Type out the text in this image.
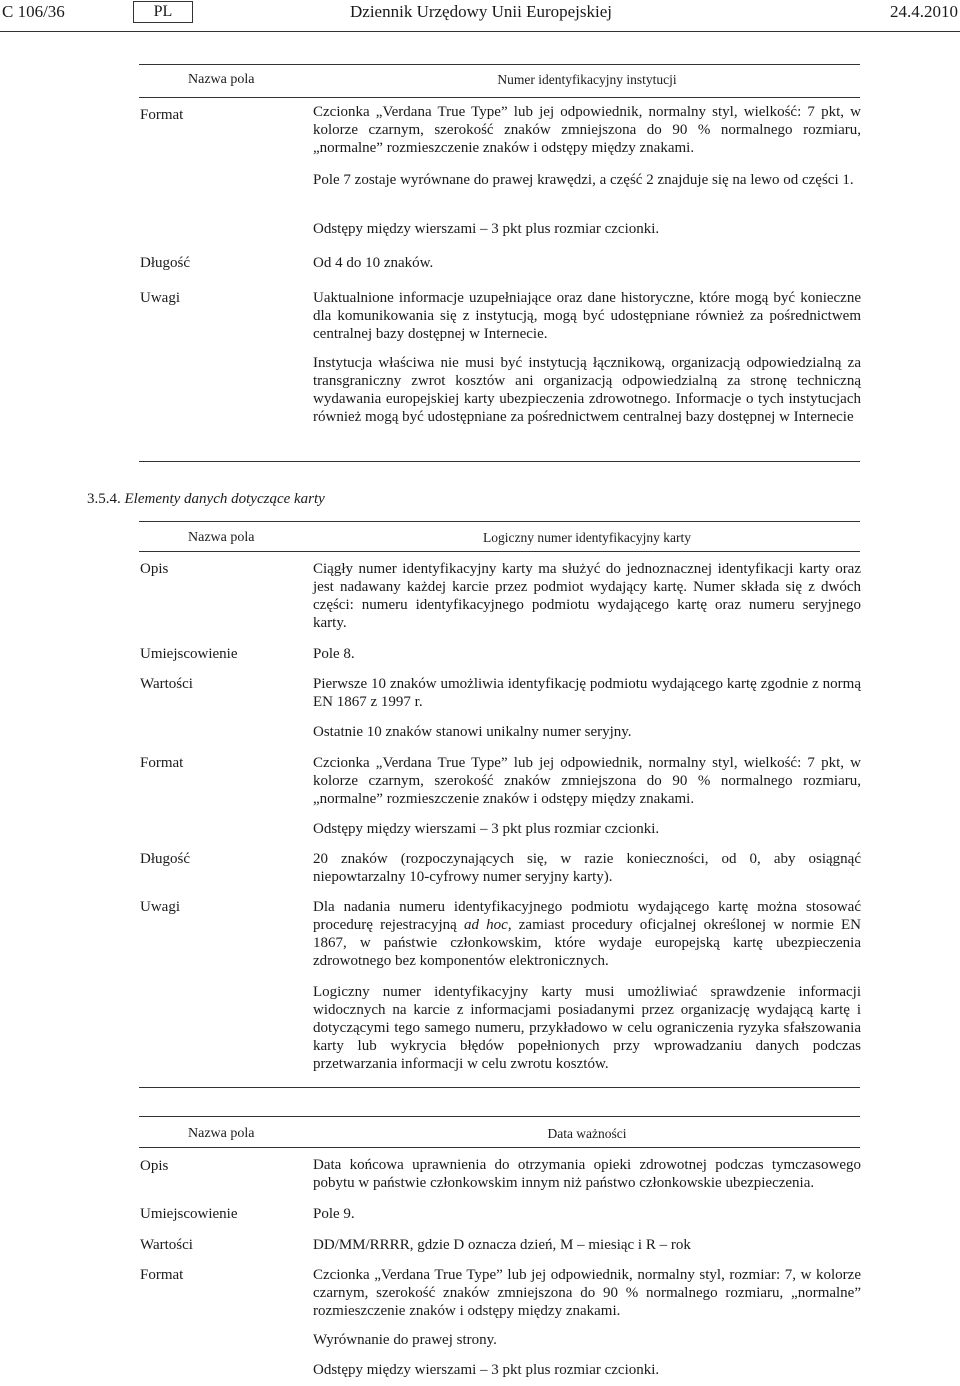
C 106/36	PL	Dziennik Urzędowy Unii Europejskiej	24.4.2010
Nazwa pola	Numer identyfikacyjny instytucji
Format	Czcionka „Verdana True Type” lub jej odpowiednik, normalny styl, wielkość: 7 pkt, w kolorze czarnym, szerokość znaków zmniejszona do 90 % normalnego rozmiaru, „normalne” rozmieszczenie znaków i odstępy między znakami.
Pole 7 zostaje wyrównane do prawej krawędzi, a część 2 znajduje się na lewo od części 1.
Odstępy między wierszami – 3 pkt plus rozmiar czcionki.
Długość	Od 4 do 10 znaków.
Uwagi	Uaktualnione informacje uzupełniające oraz dane historyczne, które mogą być konieczne dla komunikowania się z instytucją, mogą być udostępniane również za pośrednictwem centralnej bazy dostępnej w Internecie.
Instytucja właściwa nie musi być instytucją łącznikową, organizacją odpowiedzialną za transgraniczny zwrot kosztów ani organizacją odpowiedzialną za stronę techniczną wydawania europejskiej karty ubezpieczenia zdrowotnego. Informacje o tych instytucjach również mogą być udostępniane za pośrednictwem centralnej bazy dostępnej w Internecie
3.5.4. Elementy danych dotyczące karty
Nazwa pola	Logiczny numer identyfikacyjny karty
Opis	Ciągły numer identyfikacyjny karty ma służyć do jednoznacznej identyfikacji karty oraz jest nadawany każdej karcie przez podmiot wydający kartę. Numer składa się z dwóch części: numeru identyfikacyjnego podmiotu wydającego kartę oraz numeru seryjnego karty.
Umiejscowienie	Pole 8.
Wartości	Pierwsze 10 znaków umożliwia identyfikację podmiotu wydającego kartę zgodnie z normą EN 1867 z 1997 r.
Ostatnie 10 znaków stanowi unikalny numer seryjny.
Format	Czcionka „Verdana True Type” lub jej odpowiednik, normalny styl, wielkość: 7 pkt, w kolorze czarnym, szerokość znaków zmniejszona do 90 % normalnego rozmiaru, „normalne” rozmieszczenie znaków i odstępy między znakami.
Odstępy między wierszami – 3 pkt plus rozmiar czcionki.
Długość	20 znaków (rozpoczynających się, w razie konieczności, od 0, aby osiągnąć niepowtarzalny 10-cyfrowy numer seryjny karty).
Uwagi	Dla nadania numeru identyfikacyjnego podmiotu wydającego kartę można stosować procedurę rejestracyjną ad hoc, zamiast procedury oficjalnej określonej w normie EN 1867, w państwie członkowskim, które wydaje europejską kartę ubezpieczenia zdrowotnego bez komponentów elektronicznych.
Logiczny numer identyfikacyjny karty musi umożliwiać sprawdzenie informacji widocznych na karcie z informacjami posiadanymi przez organizację wydającą kartę i dotyczącymi tego samego numeru, przykładowo w celu ograniczenia ryzyka sfałszowania karty lub wykrycia błędów popełnionych przy wprowadzaniu danych podczas przetwarzania informacji w celu zwrotu kosztów.
Nazwa pola	Data ważności
Opis	Data końcowa uprawnienia do otrzymania opieki zdrowotnej podczas tymczasowego pobytu w państwie członkowskim innym niż państwo członkowskie ubezpieczenia.
Umiejscowienie	Pole 9.
Wartości	DD/MM/RRRR, gdzie D oznacza dzień, M – miesiąc i R – rok
Format	Czcionka „Verdana True Type” lub jej odpowiednik, normalny styl, rozmiar: 7, w kolorze czarnym, szerokość znaków zmniejszona do 90 % normalnego rozmiaru, „normalne” rozmieszczenie znaków i odstępy między znakami.
Wyrównanie do prawej strony.
Odstępy między wierszami – 3 pkt plus rozmiar czcionki.
